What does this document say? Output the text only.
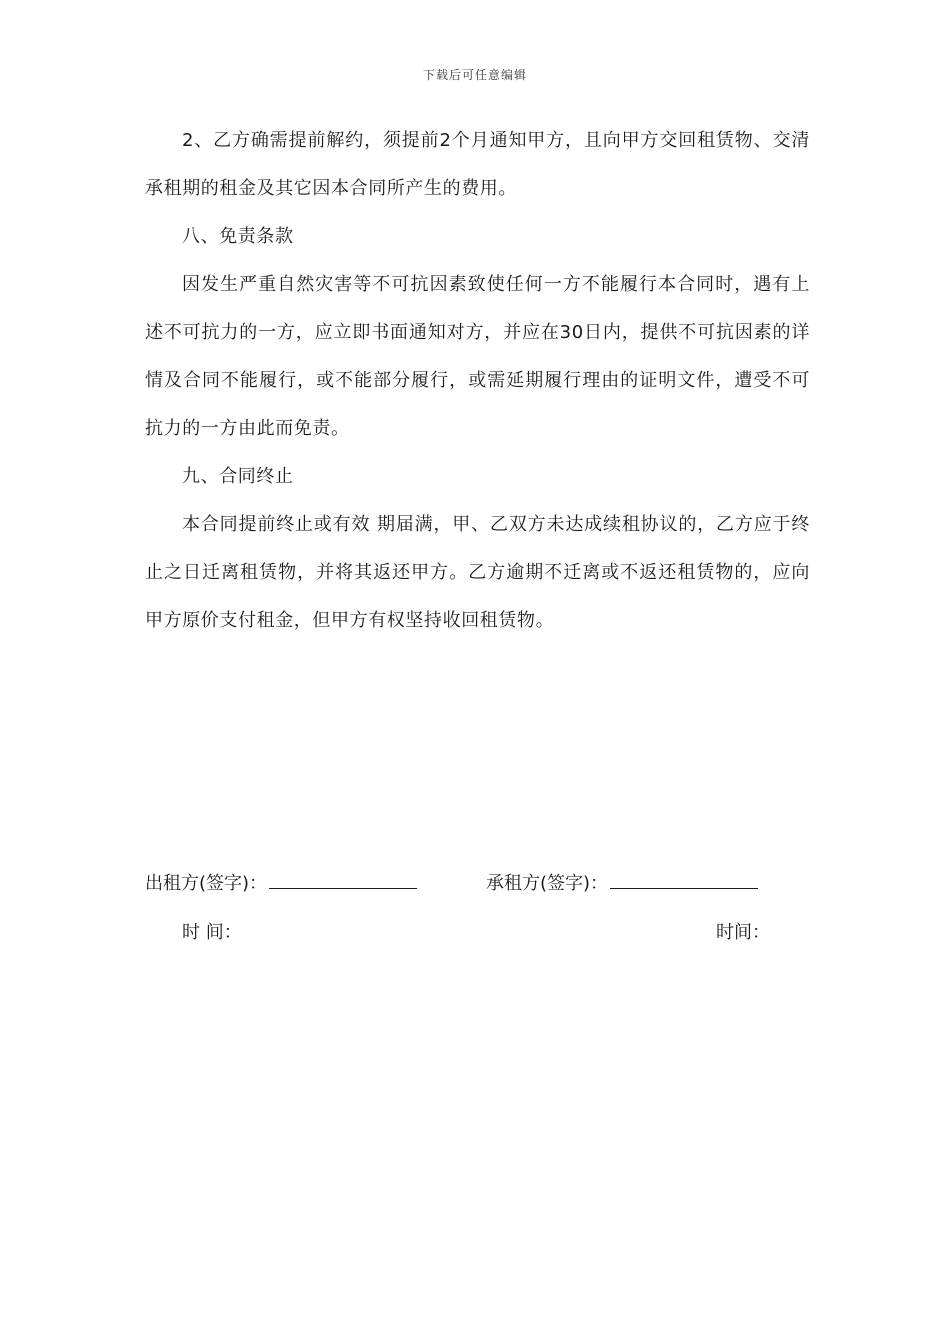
下载后可任意编辑

2、乙方确需提前解约，须提前2个月通知甲方，且向甲方交回租赁物、交清承租期的租金及其它因本合同所产生的费用。

八、免责条款

因发生严重自然灾害等不可抗因素致使任何一方不能履行本合同时，遇有上述不可抗力的一方，应立即书面通知对方，并应在30日内，提供不可抗因素的详情及合同不能履行，或不能部分履行，或需延期履行理由的证明文件，遭受不可抗力的一方由此而免责。

九、合同终止

本合同提前终止或有效 期届满，甲、乙双方未达成续租协议的，乙方应于终止之日迁离租赁物，并将其返还甲方。乙方逾期不迁离或不返还租赁物的，应向甲方原价支付租金，但甲方有权坚持收回租赁物。

出租方(签字)：	承租方(签字)：
时 间：	时间：
